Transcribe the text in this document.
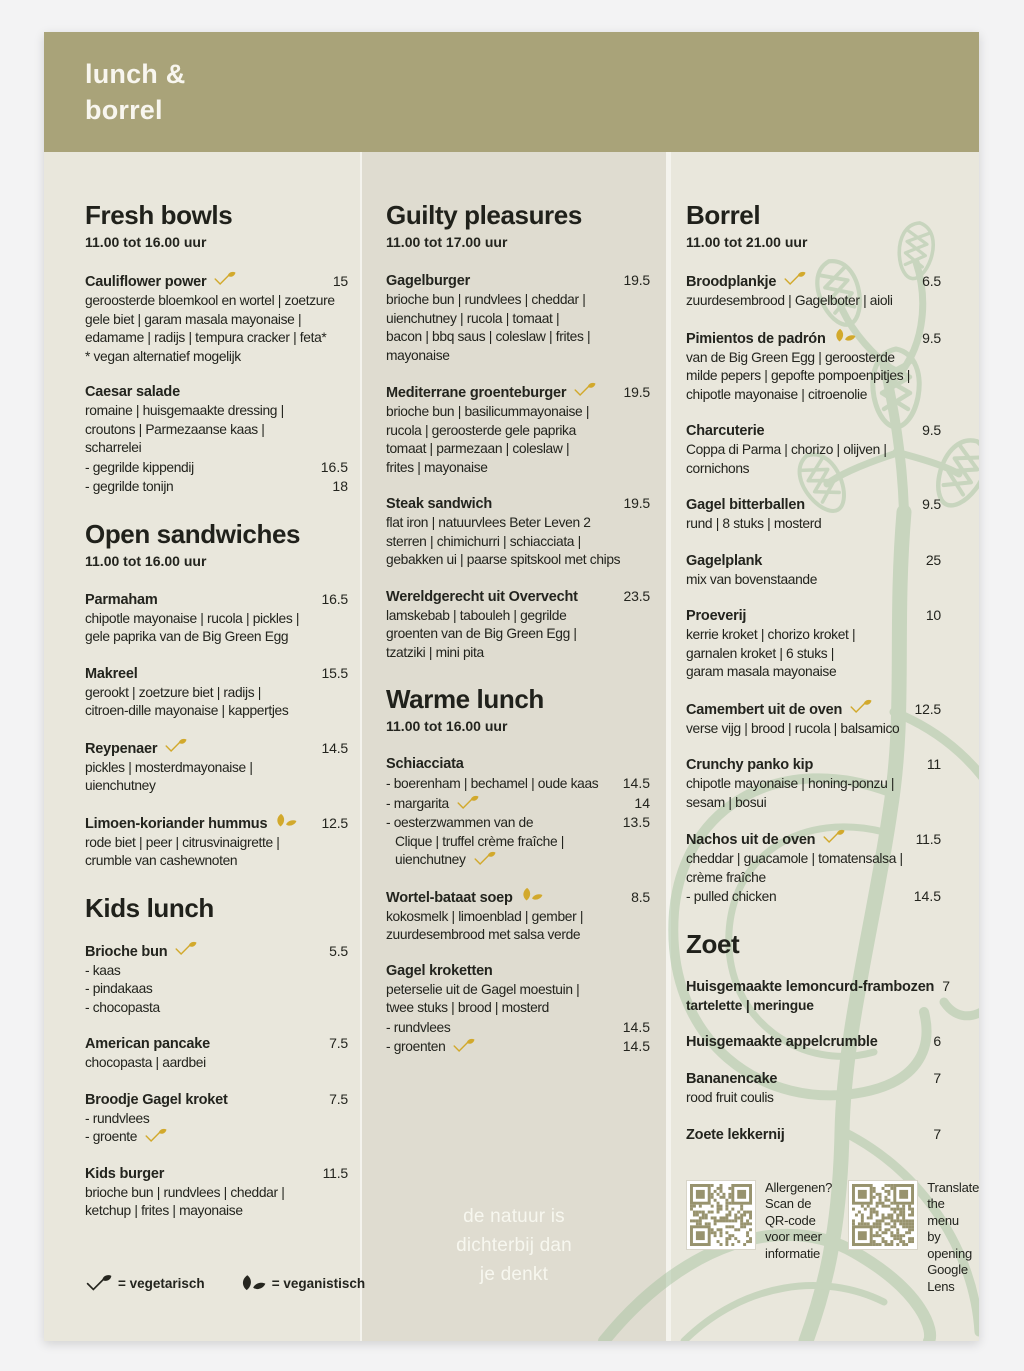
lunch &
borrel
Fresh bowls
11.00 tot 16.00 uur
Cauliflower power	15
geroosterde bloemkool en wortel | zoetzure
gele biet | garam masala mayonaise |
edamame | radijs | tempura cracker | feta*
* vegan alternatief mogelijk
Caesar salade
romaine | huisgemaakte dressing |
croutons | Parmezaanse kaas |
scharrelei
- gegrilde kippendij	16.5
- gegrilde tonijn	18
Open sandwiches
11.00 tot 16.00 uur
Parmaham	16.5
chipotle mayonaise | rucola | pickles |
gele paprika van de Big Green Egg
Makreel	15.5
gerookt | zoetzure biet | radijs |
citroen-dille mayonaise | kappertjes
Reypenaer	14.5
pickles | mosterdmayonaise |
uienchutney
Limoen-koriander hummus	12.5
rode biet | peer | citrusvinaigrette |
crumble van cashewnoten
Kids lunch
Brioche bun	5.5
- kaas
- pindakaas
- chocopasta
American pancake	7.5
chocopasta | aardbei
Broodje Gagel kroket	7.5
- rundvlees
- groente
Kids burger	11.5
brioche bun | rundvlees | cheddar |
ketchup | frites | mayonaise
Guilty pleasures
11.00 tot 17.00 uur
Gagelburger	19.5
brioche bun | rundvlees | cheddar |
uienchutney | rucola | tomaat |
bacon | bbq saus | coleslaw | frites |
mayonaise
Mediterrane groenteburger	19.5
brioche bun | basilicummayonaise |
rucola | geroosterde gele paprika
tomaat | parmezaan | coleslaw |
frites | mayonaise
Steak sandwich	19.5
flat iron | natuurvlees Beter Leven 2
sterren | chimichurri | schiacciata |
gebakken ui | paarse spitskool met chips
Wereldgerecht uit Overvecht	23.5
lamskebab | tabouleh | gegrilde
groenten van de Big Green Egg |
tzatziki | mini pita
Warme lunch
11.00 tot 16.00 uur
Schiacciata
- boerenham | bechamel | oude kaas	14.5
- margarita	14
- oesterzwammen van de	13.5
Clique | truffel crème fraîche |
uienchutney
Wortel-bataat soep	8.5
kokosmelk | limoenblad | gember |
zuurdesembrood met salsa verde
Gagel kroketten
peterselie uit de Gagel moestuin |
twee stuks | brood | mosterd
- rundvlees	14.5
- groenten	14.5
Borrel
11.00 tot 21.00 uur
Broodplankje	6.5
zuurdesembrood | Gagelboter | aioli
Pimientos de padrón	9.5
van de Big Green Egg | geroosterde
milde pepers | gepofte pompoenpitjes |
chipotle mayonaise | citroenolie
Charcuterie	9.5
Coppa di Parma | chorizo | olijven |
cornichons
Gagel bitterballen	9.5
rund | 8 stuks | mosterd
Gagelplank	25
mix van bovenstaande
Proeverij	10
kerrie kroket | chorizo kroket |
garnalen kroket | 6 stuks |
garam masala mayonaise
Camembert uit de oven	12.5
verse vijg | brood | rucola | balsamico
Crunchy panko kip	11
chipotle mayonaise | honing-ponzu |
sesam | bosui
Nachos uit de oven	11.5
cheddar | guacamole | tomatensalsa |
crème fraîche
- pulled chicken	14.5
Zoet
Huisgemaakte lemoncurd-frambozen 7
tartelette | meringue
Huisgemaakte appelcrumble	6
Bananencake	7
rood fruit coulis
Zoete lekkernij	7
= vegetarisch	= veganistisch
de natuur is
dichterbij dan
je denkt
Allergenen?
Scan de
QR-code
voor meer
informatie
Translate
the menu
by opening
Google
Lens
